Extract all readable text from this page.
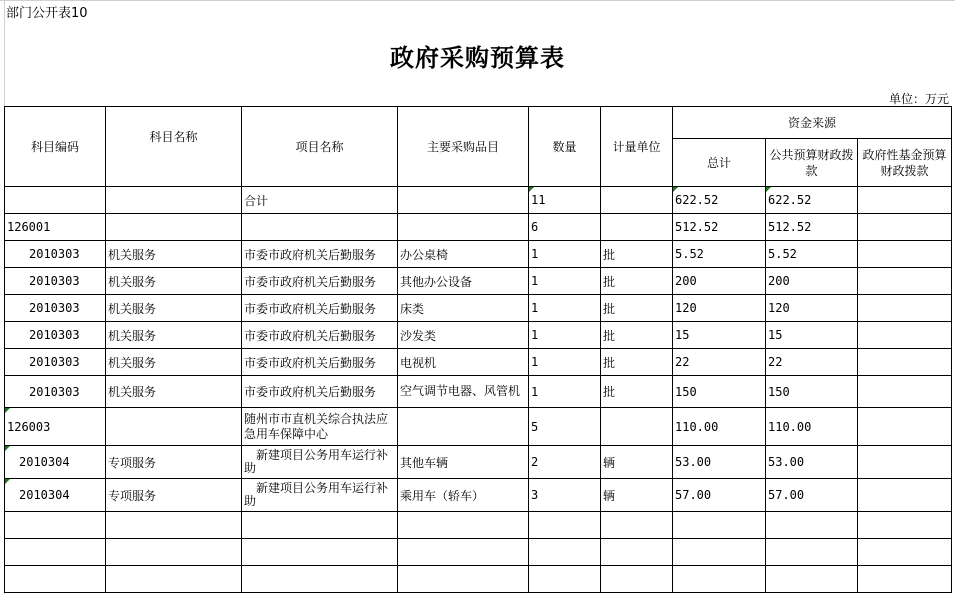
部门公开表10
政府采购预算表
单位：万元
科目编码	科目名称	项目名称	主要采购品目	数量	计量单位	资金来源		
						总计	公共预算财政拨款	政府性基金预算财政拨款
		合计		11		622.52	622.52	
126001				6		512.52	512.52	
2010303	机关服务	市委市政府机关后勤服务	办公桌椅	1	批	5.52	5.52	
2010303	机关服务	市委市政府机关后勤服务	其他办公设备	1	批	200	200	
2010303	机关服务	市委市政府机关后勤服务	床类	1	批	120	120	
2010303	机关服务	市委市政府机关后勤服务	沙发类	1	批	15	15	
2010303	机关服务	市委市政府机关后勤服务	电视机	1	批	22	22	
2010303	机关服务	市委市政府机关后勤服务	空气调节电器、风管机	1	批	150	150	
126003		随州市市直机关综合执法应急用车保障中心		5		110.00	110.00	
2010304	专项服务	　新建项目公务用车运行补助	其他车辆	2	辆	53.00	53.00	
2010304	专项服务	　新建项目公务用车运行补助	乘用车（轿车）	3	辆	57.00	57.00	
